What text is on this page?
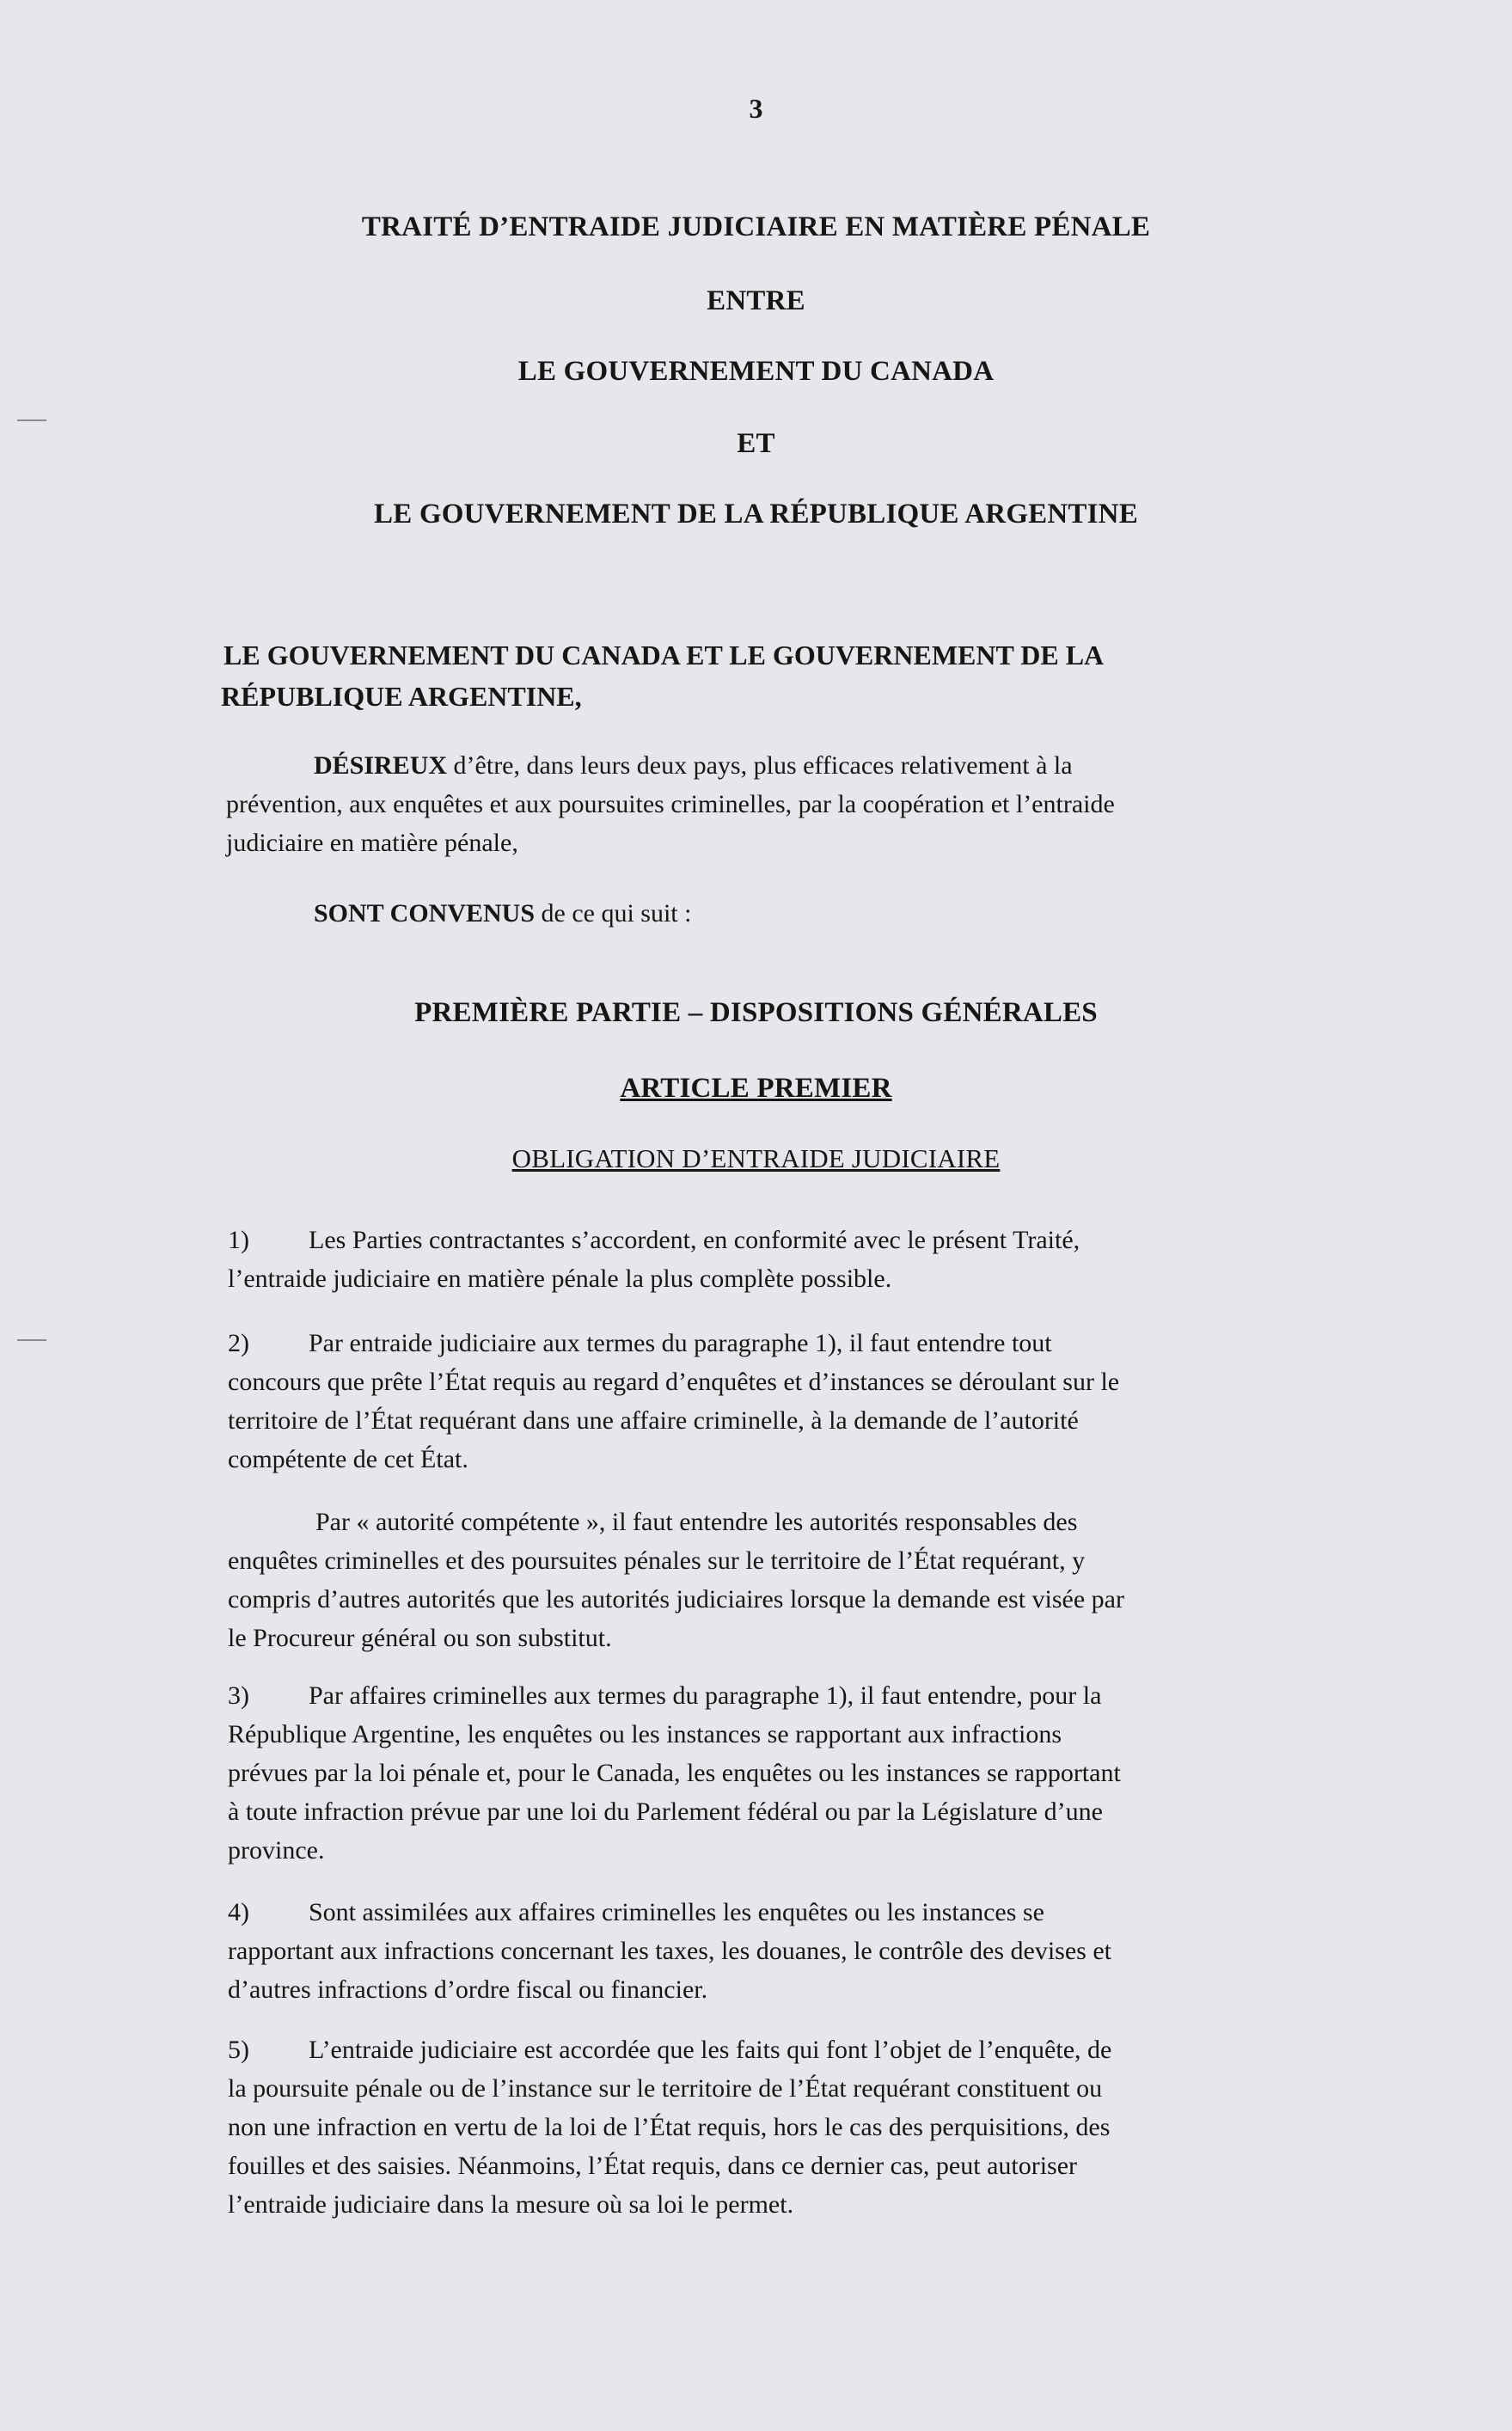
3
TRAITÉ D’ENTRAIDE JUDICIAIRE EN MATIÈRE PÉNALE
ENTRE
LE GOUVERNEMENT DU CANADA
ET
LE GOUVERNEMENT DE LA RÉPUBLIQUE ARGENTINE
LE GOUVERNEMENT DU CANADA ET LE GOUVERNEMENT DE LA
RÉPUBLIQUE ARGENTINE,
DÉSIREUX d’être, dans leurs deux pays, plus efficaces relativement à la
prévention, aux enquêtes et aux poursuites criminelles, par la coopération et l’entraide
judiciaire en matière pénale,
SONT CONVENUS de ce qui suit :
PREMIÈRE PARTIE – DISPOSITIONS GÉNÉRALES
ARTICLE PREMIER
OBLIGATION D’ENTRAIDE JUDICIAIRE
1) Les Parties contractantes s’accordent, en conformité avec le présent Traité,
l’entraide judiciaire en matière pénale la plus complète possible.
2) Par entraide judiciaire aux termes du paragraphe 1), il faut entendre tout
concours que prête l’État requis au regard d’enquêtes et d’instances se déroulant sur le
territoire de l’État requérant dans une affaire criminelle, à la demande de l’autorité
compétente de cet État.
Par « autorité compétente », il faut entendre les autorités responsables des
enquêtes criminelles et des poursuites pénales sur le territoire de l’État requérant, y
compris d’autres autorités que les autorités judiciaires lorsque la demande est visée par
le Procureur général ou son substitut.
3) Par affaires criminelles aux termes du paragraphe 1), il faut entendre, pour la
République Argentine, les enquêtes ou les instances se rapportant aux infractions
prévues par la loi pénale et, pour le Canada, les enquêtes ou les instances se rapportant
à toute infraction prévue par une loi du Parlement fédéral ou par la Législature d’une
province.
4) Sont assimilées aux affaires criminelles les enquêtes ou les instances se
rapportant aux infractions concernant les taxes, les douanes, le contrôle des devises et
d’autres infractions d’ordre fiscal ou financier.
5) L’entraide judiciaire est accordée que les faits qui font l’objet de l’enquête, de
la poursuite pénale ou de l’instance sur le territoire de l’État requérant constituent ou
non une infraction en vertu de la loi de l’État requis, hors le cas des perquisitions, des
fouilles et des saisies. Néanmoins, l’État requis, dans ce dernier cas, peut autoriser
l’entraide judiciaire dans la mesure où sa loi le permet.
